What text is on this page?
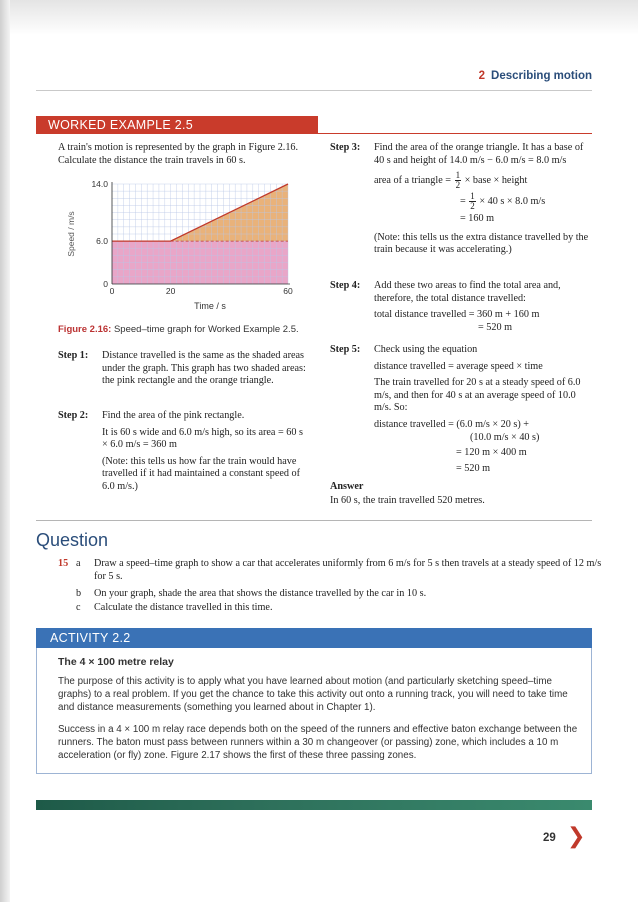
2 Describing motion
WORKED EXAMPLE 2.5
A train's motion is represented by the graph in Figure 2.16. Calculate the distance the train travels in 60 s.
0	20	60
0
6.0
14.0
Time / s
Speed / m/s
Figure 2.16: Speed–time graph for Worked Example 2.5.
Step 1: Distance travelled is the same as the shaded areas under the graph. This graph has two shaded areas: the pink rectangle and the orange triangle.
Step 2: Find the area of the pink rectangle.

It is 60 s wide and 6.0 m/s high, so its area = 60 s × 6.0 m/s = 360 m

(Note: this tells us how far the train would have travelled if it had maintained a constant speed of 6.0 m/s.)

Step 3: Find the area of the orange triangle. It has a base of 40 s and height of 14.0 m/s − 6.0 m/s = 8.0 m/s

area of a triangle = $\frac{1}{2}$ × base × height
= $\frac{1}{2} \times 40$ s × 8.0 m/s
= 160 m

(Note: this tells us the extra distance travelled by the train because it was accelerating.)

Step 4: Add these two areas to find the total area and, therefore, the total distance travelled:

total distance travelled = 360 m + 160 m
= 520 m
Step 5: Check using the equation

distance travelled = average speed × time

The train travelled for 20 s at a steady speed of 6.0 m/s, and then for 40 s at an average speed of 10.0 m/s. So:

distance travelled = (6.0 m/s × 20 s) +
(10.0 m/s × 40 s)
= 120 m × 400 m
= 520 m
Answer
In 60 s, the train travelled 520 metres.
Question
15 a Draw a speed–time graph to show a car that accelerates uniformly from 6 m/s for 5 s then travels at a steady speed of 12 m/s for 5 s.
b On your graph, shade the area that shows the distance travelled by the car in 10 s.
c Calculate the distance travelled in this time.
ACTIVITY 2.2
The 4 × 100 metre relay

The purpose of this activity is to apply what you have learned about motion (and particularly sketching speed–time graphs) to a real problem. If you get the chance to take this activity out onto a running track, you will need to take time and distance measurements (something you learned about in Chapter 1).

Success in a 4 × 100 m relay race depends both on the speed of the runners and effective baton exchange between the runners. The baton must pass between runners within a 30 m changeover (or passing) zone, which includes a 10 m acceleration (or fly) zone. Figure 2.17 shows the first of these three passing zones.

29 ❯
